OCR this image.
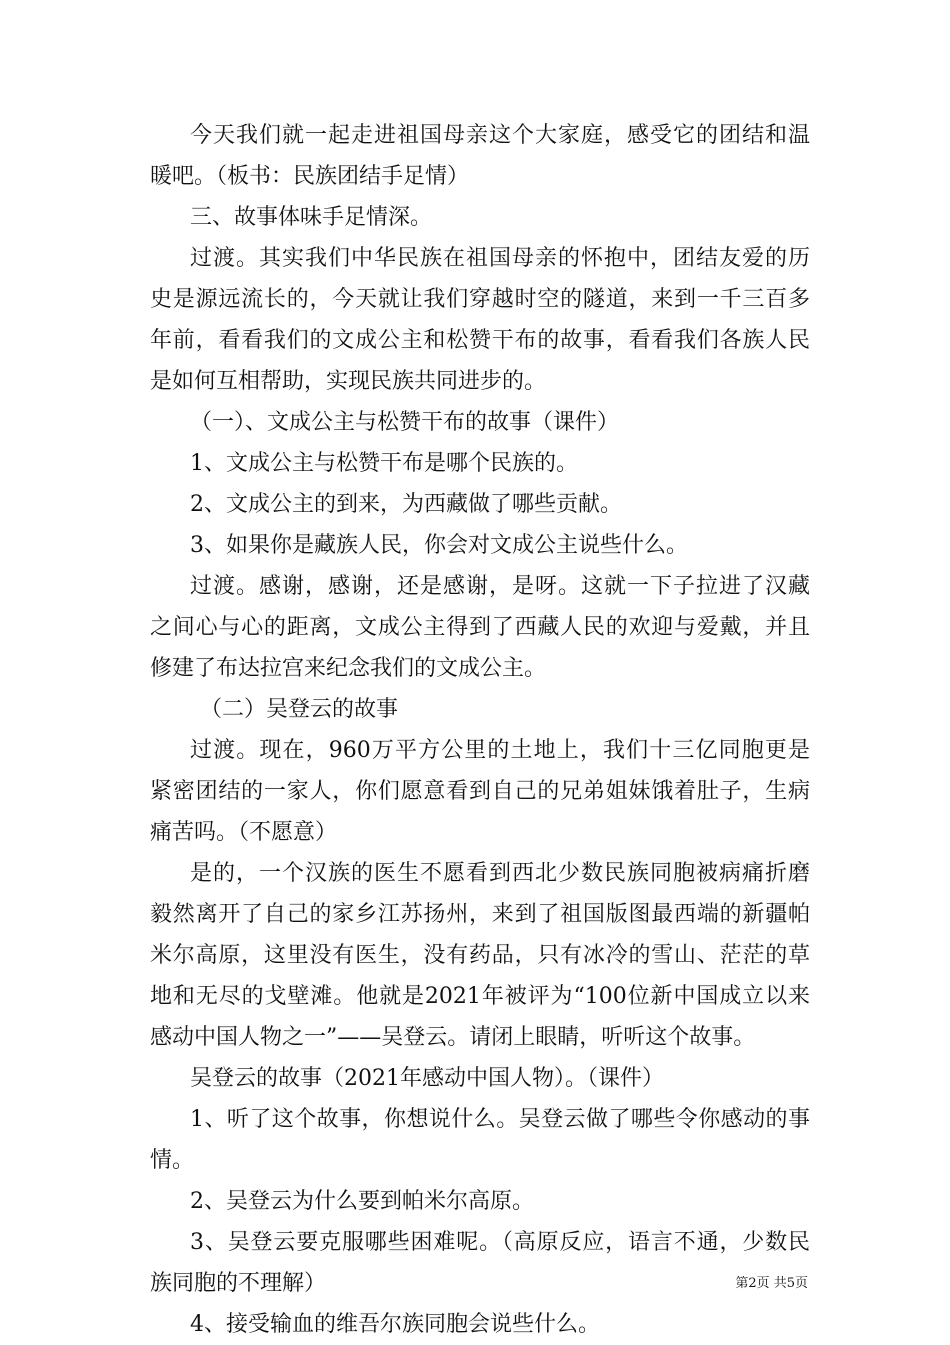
今天我们就一起走进祖国母亲这个大家庭，感受它的团结和温
暖吧。（板书：民族团结手足情）
三、故事体味手足情深。
过渡。其实我们中华民族在祖国母亲的怀抱中，团结友爱的历
史是源远流长的，今天就让我们穿越时空的隧道，来到一千三百多
年前，看看我们的文成公主和松赞干布的故事，看看我们各族人民
是如何互相帮助，实现民族共同进步的。
（一）、文成公主与松赞干布的故事（课件）
1、文成公主与松赞干布是哪个民族的。
2、文成公主的到来，为西藏做了哪些贡献。
3、如果你是藏族人民，你会对文成公主说些什么。
过渡。感谢，感谢，还是感谢，是呀。这就一下子拉进了汉藏
之间心与心的距离，文成公主得到了西藏人民的欢迎与爱戴，并且
修建了布达拉宫来纪念我们的文成公主。
（二）吴登云的故事
过渡。现在，960万平方公里的土地上，我们十三亿同胞更是
紧密团结的一家人，你们愿意看到自己的兄弟姐妹饿着肚子，生病
痛苦吗。（不愿意）
是的，一个汉族的医生不愿看到西北少数民族同胞被病痛折磨
毅然离开了自己的家乡江苏扬州，来到了祖国版图最西端的新疆帕
米尔高原，这里没有医生，没有药品，只有冰冷的雪山、茫茫的草
地和无尽的戈壁滩。他就是2021年被评为“100位新中国成立以来
感动中国人物之一”——吴登云。请闭上眼睛，听听这个故事。
吴登云的故事（2021年感动中国人物）。（课件）
1、听了这个故事，你想说什么。吴登云做了哪些令你感动的事
情。
2、吴登云为什么要到帕米尔高原。
3、吴登云要克服哪些困难呢。（高原反应，语言不通，少数民
族同胞的不理解）
4、接受输血的维吾尔族同胞会说些什么。
第2页 共5页
